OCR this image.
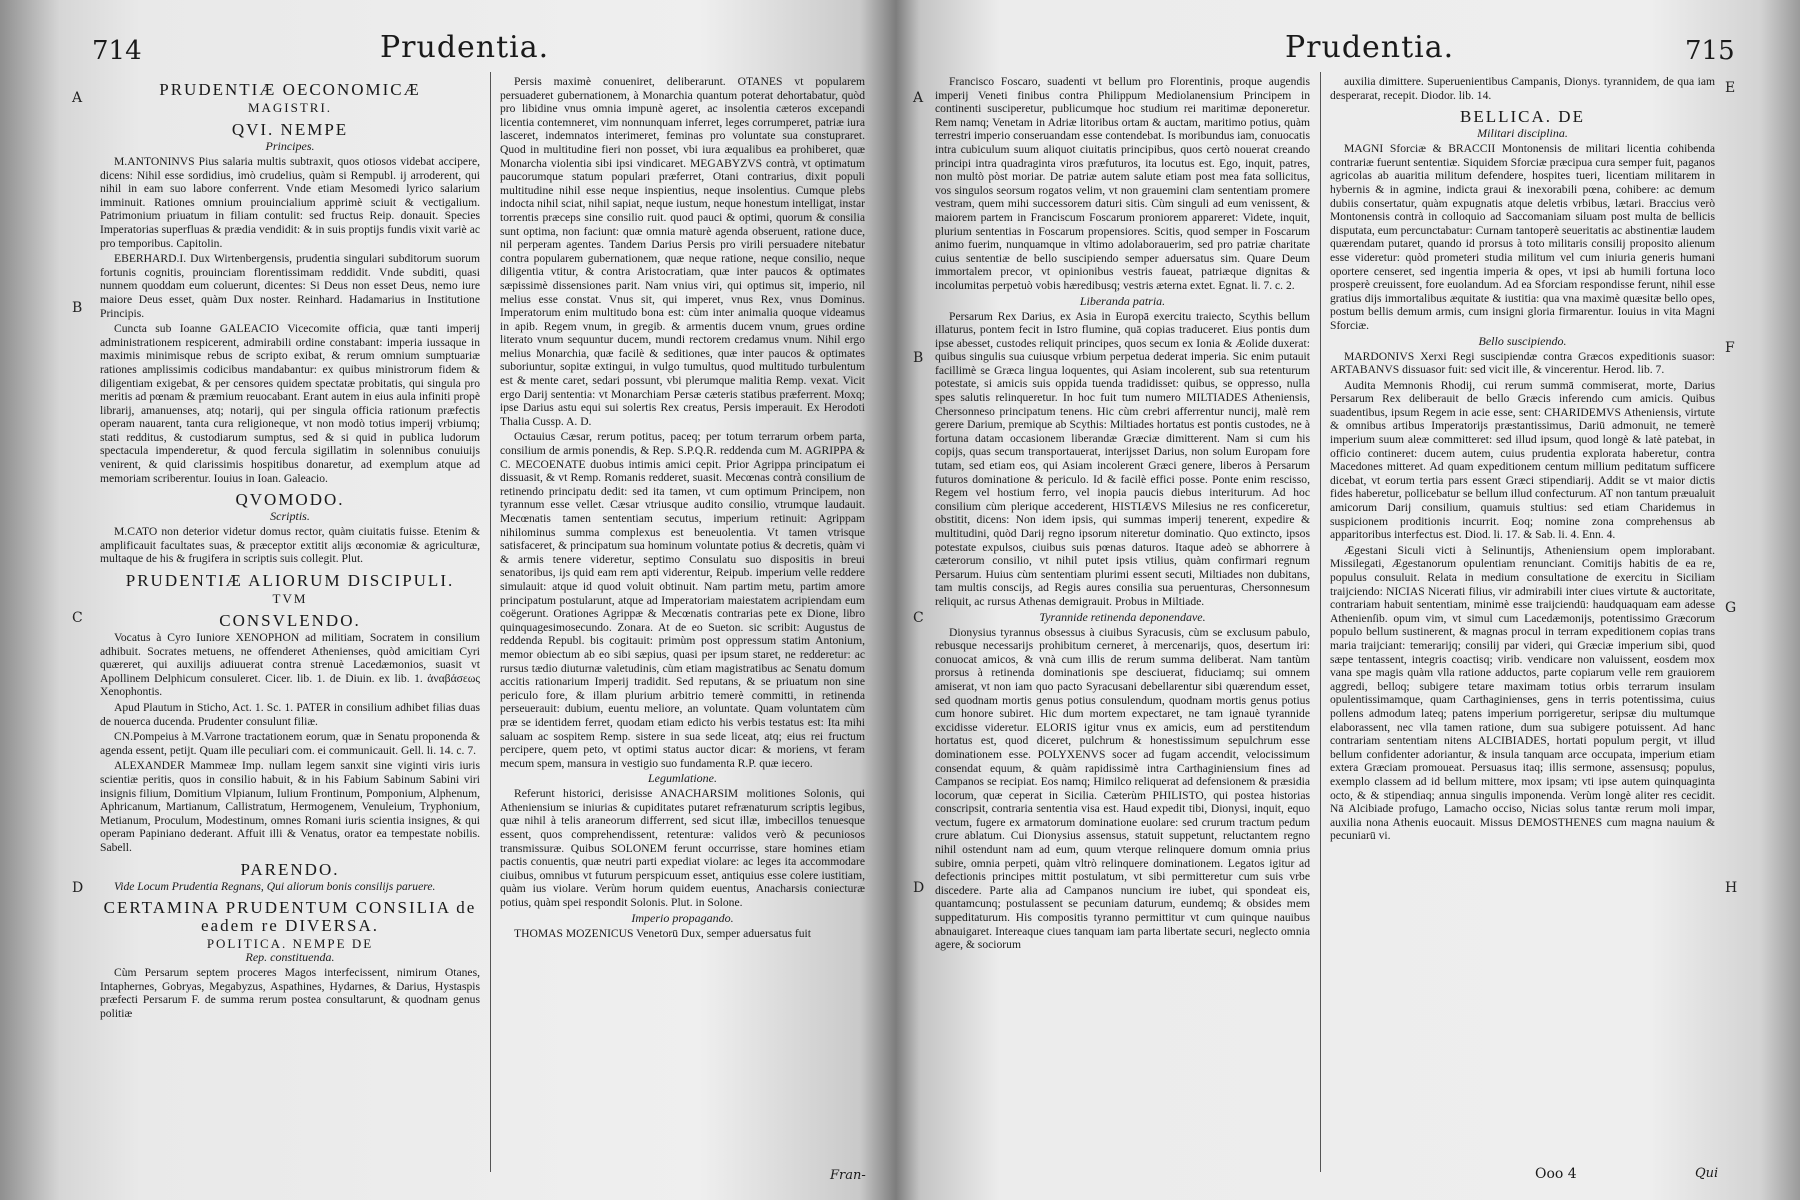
714	Prudentia.
A
B
C
D
PRUDENTIÆ OECONOMICÆ
MAGISTRI.
QVI. NEMPE
Principes.

M.ANTONINVS Pius salaria multis subtraxit, quos otiosos videbat accipere, dicens: Nihil esse sordidius, imò crudelius, quàm si Rempubl. ij arroderent, qui nihil in eam suo labore conferrent. Vnde etiam Mesomedi lyrico salarium imminuit. Rationes omnium prouincialium apprimè sciuit & vectigalium. Patrimonium priuatum in filiam contulit: sed fructus Reip. donauit. Species Imperatorias superfluas & prædia vendidit: & in suis proptijs fundis vixit variè ac pro temporibus. Capitolin.

EBERHARD.I. Dux Wirtenbergensis, prudentia singulari subditorum suorum fortunis cognitis, prouinciam florentissimam reddidit. Vnde subditi, quasi nunnem quoddam eum coluerunt, dicentes: Si Deus non esset Deus, nemo iure maiore Deus esset, quàm Dux noster. Reinhard. Hadamarius in Institutione Principis.

Cuncta sub Ioanne GALEACIO Vicecomite officia, quæ tanti imperij administrationem respicerent, admirabili ordine constabant: imperia iussaque in maximis minimisque rebus de scripto exibat, & rerum omnium sumptuariæ rationes amplissimis codicibus mandabantur: ex quibus ministrorum fidem & diligentiam exigebat, & per censores quidem spectatæ probitatis, qui singula pro meritis ad pœnam & præmium reuocabant. Erant autem in eius aula infiniti propè librarij, amanuenses, atq; notarij, qui per singula officia rationum præfectis operam nauarent, tanta cura religioneque, vt non modò totius imperij vrbiumq; stati redditus, & custodiarum sumptus, sed & si quid in publica ludorum spectacula impenderetur, & quod fercula sigillatim in solennibus conuiuijs venirent, & quid clarissimis hospitibus donaretur, ad exemplum atque ad memoriam scriberentur. Iouius in Ioan. Galeacio.

QVOMODO.
Scriptis.

M.CATO non deterior videtur domus rector, quàm ciuitatis fuisse. Etenim & amplificauit facultates suas, & præceptor extitit alijs œconomiæ & agriculturæ, multaque de his & frugifera in scriptis suis collegit. Plut.

PRUDENTIÆ ALIORUM DISCIPULI.
TVM
CONSVLENDO.

Vocatus à Cyro Iuniore XENOPHON ad militiam, Socratem in consilium adhibuit. Socrates metuens, ne offenderet Athenienses, quòd amicitiam Cyri quæreret, qui auxilijs adiuuerat contra strenuè Lacedæmonios, suasit vt Apollinem Delphicum consuleret. Cicer. lib. 1. de Diuin. ex lib. 1. ἀναβάσεως Xenophontis.

Apud Plautum in Sticho, Act. 1. Sc. 1. PATER in consilium adhibet filias duas de nouerca ducenda. Prudenter consulunt filiæ.

CN.Pompeius à M.Varrone tractationem eorum, quæ in Senatu proponenda & agenda essent, petijt. Quam ille peculiari com. ei communicauit. Gell. li. 14. c. 7.

ALEXANDER Mammeæ Imp. nullam legem sanxit sine viginti viris iuris scientiæ peritis, quos in consilio habuit, & in his Fabium Sabinum Sabini viri insignis filium, Domitium Vlpianum, Iulium Frontinum, Pomponium, Alphenum, Aphricanum, Martianum, Callistratum, Hermogenem, Venuleium, Tryphonium, Metianum, Proculum, Modestinum, omnes Romani iuris scientia insignes, & qui operam Papiniano dederant. Affuit illi & Venatus, orator ea tempestate nobilis. Sabell.

PARENDO.

Vide Locum Prudentia Regnans, Qui aliorum bonis consilijs paruere.

CERTAMINA PRUDENTUM CONSILIA de eadem re DIVERSA.
POLITICA. NEMPE DE
Rep. constituenda.

Cùm Persarum septem proceres Magos interfecissent, nimirum Otanes, Intaphernes, Gobryas, Megabyzus, Aspathines, Hydarnes, & Darius, Hystaspis præfecti Persarum F. de summa rerum postea consultarunt, & quodnam genus politiæ

Persis maximè conueniret, deliberarunt. OTANES vt popularem persuaderet gubernationem, à Monarchia quantum poterat dehortabatur, quòd pro libidine vnus omnia impunè ageret, ac insolentia cæteros excepandi licentia contemneret, vim nonnunquam inferret, leges corrumperet, patriæ iura lasceret, indemnatos interimeret, feminas pro voluntate sua constupraret. Quod in multitudine fieri non posset, vbi iura æqualibus ea prohiberet, quæ Monarcha violentia sibi ipsi vindicaret. MEGABYZVS contrà, vt optimatum paucorumque statum populari præferret, Otani contrarius, dixit populi multitudine nihil esse neque inspientius, neque insolentius. Cumque plebs indocta nihil sciat, nihil sapiat, neque iustum, neque honestum intelligat, instar torrentis præceps sine consilio ruit. quod pauci & optimi, quorum & consilia sunt optima, non faciunt: quæ omnia maturè agenda obseruent, ratione duce, nil perperam agentes. Tandem Darius Persis pro virili persuadere nitebatur contra popularem gubernationem, quæ neque ratione, neque consilio, neque diligentia vtitur, & contra Aristocratiam, quæ inter paucos & optimates sæpissimè dissensiones parit. Nam vnius viri, qui optimus sit, imperio, nil melius esse constat. Vnus sit, qui imperet, vnus Rex, vnus Dominus. Imperatorum enim multitudo bona est: cùm inter animalia quoque videamus in apib. Regem vnum, in gregib. & armentis ducem vnum, grues ordine literato vnum sequuntur ducem, mundi rectorem credamus vnum. Nihil ergo melius Monarchia, quæ facilè & seditiones, quæ inter paucos & optimates suboriuntur, sopitæ extingui, in vulgo tumultus, quod multitudo turbulentum est & mente caret, sedari possunt, vbi plerumque malitia Remp. vexat. Vicit ergo Darij sententia: vt Monarchiam Persæ cæteris statibus præferrent. Moxq; ipse Darius astu equi sui solertis Rex creatus, Persis imperauit. Ex Herodoti Thalia Cussp. A. D.

Octauius Cæsar, rerum potitus, paceq; per totum terrarum orbem parta, consilium de armis ponendis, & Rep. S.P.Q.R. reddenda cum M. AGRIPPA & C. MECOENATE duobus intimis amici cepit. Prior Agrippa principatum ei dissuasit, & vt Remp. Romanis redderet, suasit. Mecœnas contrà consilium de retinendo principatu dedit: sed ita tamen, vt cum optimum Principem, non tyrannum esse vellet. Cæsar vtriusque audito consilio, vtrumque laudauit. Mecœnatis tamen sententiam secutus, imperium retinuit: Agrippam nihilominus summa complexus est beneuolentia. Vt tamen vtrisque satisfaceret, & principatum sua hominum voluntate potius & decretis, quàm vi & armis tenere videretur, septimo Consulatu suo dispositis in breui senatoribus, ijs quid eam rem apti viderentur, Reipub. imperium velle reddere simulauit: atque id quod voluit obtinuit. Nam partim metu, partim amore principatum postularunt, atque ad Imperatoriam maiestatem acripiendam eum coëgerunt. Orationes Agrippæ & Mecœnatis contrarias pete ex Dione, libro quinquagesimosecundo. Zonara. At de eo Sueton. sic scribit: Augustus de reddenda Republ. bis cogitauit: primùm post oppressum statim Antonium, memor obiectum ab eo sibi sæpius, quasi per ipsum staret, ne redderetur: ac rursus tædio diuturnæ valetudinis, cùm etiam magistratibus ac Senatu domum accitis rationarium Imperij tradidit. Sed reputans, & se priuatum non sine periculo fore, & illam plurium arbitrio temerè committi, in retinenda perseuerauit: dubium, euentu meliore, an voluntate. Quam voluntatem cùm præ se identidem ferret, quodam etiam edicto his verbis testatus est: Ita mihi saluam ac sospitem Remp. sistere in sua sede liceat, atq; eius rei fructum percipere, quem peto, vt optimi status auctor dicar: & moriens, vt feram mecum spem, mansura in vestigio suo fundamenta R.P. quæ iecero.

Legumlatione.

Referunt historici, derisisse ANACHARSIM molitiones Solonis, qui Atheniensium se iniurias & cupiditates putaret refrænaturum scriptis legibus, quæ nihil à telis araneorum differrent, sed sicut illæ, imbecillos tenuesque essent, quos comprehendissent, retenturæ: validos verò & pecuniosos transmissuræ. Quibus SOLONEM ferunt occurrisse, stare homines etiam pactis conuentis, quæ neutri parti expediat violare: ac leges ita accommodare ciuibus, omnibus vt futurum perspicuum esset, antiquius esse colere iustitiam, quàm ius violare. Verùm horum quidem euentus, Anacharsis coniecturæ potius, quàm spei respondit Solonis. Plut. in Solone.

Imperio propagando.

THOMAS MOZENICUS Venetorū Dux, semper aduersatus fuit

Fran-
Prudentia.	715
A
B
C
D
E
F
G
H

Francisco Foscaro, suadenti vt bellum pro Florentinis, proque augendis imperij Veneti finibus contra Philippum Mediolanensium Principem in continenti susciperetur, publicumque hoc studium rei maritimæ deponeretur. Rem namq; Venetam in Adriæ litoribus ortam & auctam, maritimo potius, quàm terrestri imperio conseruandam esse contendebat. Is moribundus iam, conuocatis intra cubiculum suum aliquot ciuitatis principibus, quos certò nouerat creando principi intra quadraginta viros præfuturos, ita locutus est. Ego, inquit, patres, non multò pòst moriar. De patriæ autem salute etiam post mea fata sollicitus, vos singulos seorsum rogatos velim, vt non grauemini clam sententiam promere vestram, quem mihi successorem daturi sitis. Cùm singuli ad eum venissent, & maiorem partem in Franciscum Foscarum proniorem appareret: Videte, inquit, plurium sententias in Foscarum propensiores. Scitis, quod semper in Foscarum animo fuerim, nunquamque in vltimo adolaborauerim, sed pro patriæ charitate cuius sententiæ de bello suscipiendo semper aduersatus sim. Quare Deum immortalem precor, vt opinionibus vestris faueat, patriæque dignitas & incolumitas perpetuò vobis hæredibusq; vestris æterna extet. Egnat. li. 7. c. 2.

Liberanda patria.

Persarum Rex Darius, ex Asia in Europā exercitu traiecto, Scythis bellum illaturus, pontem fecit in Istro flumine, quā copias traduceret. Eius pontis dum ipse abesset, custodes reliquit principes, quos secum ex Ionia & Æolide duxerat: quibus singulis sua cuiusque vrbium perpetua dederat imperia. Sic enim putauit facillimè se Græca lingua loquentes, qui Asiam incolerent, sub sua retenturum potestate, si amicis suis oppida tuenda tradidisset: quibus, se oppresso, nulla spes salutis relinqueretur. In hoc fuit tum numero MILTIADES Atheniensis, Chersonneso principatum tenens. Hic cùm crebri afferrentur nuncij, malè rem gerere Darium, premique ab Scythis: Miltiades hortatus est pontis custodes, ne à fortuna datam occasionem liberandæ Græciæ dimitterent. Nam si cum his copijs, quas secum transportauerat, interijsset Darius, non solum Europam fore tutam, sed etiam eos, qui Asiam incolerent Græci genere, liberos à Persarum futuros dominatione & periculo. Id & facilè effici posse. Ponte enim rescisso, Regem vel hostium ferro, vel inopia paucis diebus interiturum. Ad hoc consilium cùm plerique accederent, HISTIÆVS Milesius ne res conficeretur, obstitit, dicens: Non idem ipsis, qui summas imperij tenerent, expedire & multitudini, quòd Darij regno ipsorum niteretur dominatio. Quo extincto, ipsos potestate expulsos, ciuibus suis pœnas daturos. Itaque adeò se abhorrere à cæterorum consilio, vt nihil putet ipsis vtilius, quàm confirmari regnum Persarum. Huius cùm sententiam plurimi essent secuti, Miltiades non dubitans, tam multis conscijs, ad Regis aures consilia sua peruenturas, Chersonnesum reliquit, ac rursus Athenas demigrauit. Probus in Miltiade.

Tyrannide retinenda deponendave.

Dionysius tyrannus obsessus à ciuibus Syracusis, cùm se exclusum pabulo, rebusque necessarijs prohibitum cerneret, à mercenarijs, quos, desertum iri: conuocat amicos, & vnà cum illis de rerum summa deliberat. Nam tantùm prorsus à retinenda dominationis spe desciuerat, fiduciamq; sui omnem amiserat, vt non iam quo pacto Syracusani debellarentur sibi quærendum esset, sed quodnam mortis genus potius consulendum, quodnam mortis genus potius cum honore subiret. Hic dum mortem expectaret, ne tam ignauè tyrannide excidisse videretur. ELORIS igitur vnus ex amicis, eum ad perstitendum hortatus est, quod diceret, pulchrum & honestissimum sepulchrum esse dominationem esse. POLYXENVS socer ad fugam accendit, velocissimum consendat equum, & quàm rapidissimè intra Carthaginiensium fines ad Campanos se recipiat. Eos namq; Himilco reliquerat ad defensionem & præsidia locorum, quæ ceperat in Sicilia. Cæterùm PHILISTO, qui postea historias conscripsit, contraria sententia visa est. Haud expedit tibi, Dionysi, inquit, equo vectum, fugere ex armatorum dominatione euolare: sed crurum tractum pedum crure ablatum. Cui Dionysius assensus, statuit suppetunt, reluctantem regno nihil ostendunt nam ad eum, quum vterque relinquere domum omnia prius subire, omnia perpeti, quàm vltrò relinquere dominationem. Legatos igitur ad defectionis principes mittit postulatum, vt sibi permitteretur cum suis vrbe discedere. Parte alia ad Campanos nuncium ire iubet, qui spondeat eis, quantamcunq; postulassent se pecuniam daturum, eundemq; & obsides mem suppeditaturum. His compositis tyranno permittitur vt cum quinque nauibus abnauigaret. Intereaque ciues tanquam iam parta libertate securi, neglecto omnia agere, & sociorum

auxilia dimittere. Superuenientibus Campanis, Dionys. tyrannidem, de qua iam desperarat, recepit. Diodor. lib. 14.

BELLICA. DE
Militari disciplina.

MAGNI Sforciæ & BRACCII Montonensis de militari licentia cohibenda contrariæ fuerunt sententiæ. Siquidem Sforciæ præcipua cura semper fuit, paganos agricolas ab auaritia militum defendere, hospites tueri, licentiam militarem in hybernis & in agmine, indicta graui & inexorabili pœna, cohibere: ac demum dubiis consertatur, quàm expugnatis atque deletis vrbibus, lætari. Braccius verò Montonensis contrà in colloquio ad Saccomaniam siluam post multa de bellicis disputata, eum percunctabatur: Curnam tantoperè seueritatis ac abstinentiæ laudem quærendam putaret, quando id prorsus à toto militaris consilij proposito alienum esse videretur: quòd prometeri studia militum vel cum iniuria generis humani oportere censeret, sed ingentia imperia & opes, vt ipsi ab humili fortuna loco prosperè creuissent, fore euolandum. Ad ea Sforciam respondisse ferunt, nihil esse gratius dijs immortalibus æquitate & iustitia: qua vna maximè quæsitæ bello opes, postum bellis demum armis, cum insigni gloria firmarentur. Iouius in vita Magni Sforciæ.

Bello suscipiendo.

MARDONIVS Xerxi Regi suscipiendæ contra Græcos expeditionis suasor: ARTABANVS dissuasor fuit: sed vicit ille, & vincerentur. Herod. lib. 7.

Audita Memnonis Rhodij, cui rerum summā commiserat, morte, Darius Persarum Rex deliberauit de bello Græcis inferendo cum amicis. Quibus suadentibus, ipsum Regem in acie esse, sent: CHARIDEMVS Atheniensis, virtute & omnibus artibus Imperatorijs præstantissimus, Dariū admonuit, ne temerè imperium suum aleæ committeret: sed illud ipsum, quod longè & latè patebat, in officio contineret: ducem autem, cuius prudentia explorata haberetur, contra Macedones mitteret. Ad quam expeditionem centum millium peditatum sufficere dicebat, vt eorum tertia pars essent Græci stipendiarij. Addit se vt maior dictis fides haberetur, pollicebatur se bellum illud confecturum. AT non tantum præualuit amicorum Darij consilium, quamuis stultius: sed etiam Charidemus in suspicionem proditionis incurrit. Eoq; nomine zona comprehensus ab apparitoribus interfectus est. Diod. li. 17. & Sab. li. 4. Enn. 4.

Ægestani Siculi victi à Selinuntijs, Atheniensium opem implorabant. Missilegati, Ægestanorum opulentiam renunciant. Comitijs habitis de ea re, populus consuluit. Relata in medium consultatione de exercitu in Siciliam traijciendo: NICIAS Nicerati filius, vir admirabili inter ciues virtute & auctoritate, contrariam habuit sententiam, minimè esse traijciendū: haudquaquam eam adesse Athenienſib. opum vim, vt simul cum Lacedæmonijs, potentissimo Græcorum populo bellum sustinerent, & magnas procul in terram expeditionem copias trans maria traijciant: temerarijq; consilij par videri, qui Græciæ imperium sibi, quod sæpe tentassent, integris coactisq; virib. vendicare non valuissent, eosdem mox vana spe magis quàm vlla ratione adductos, parte copiarum velle rem grauiorem aggredi, belloq; subigere tetare maximam totius orbis terrarum insulam opulentissimamque, quam Carthaginienses, gens in terris potentissima, cuius pollens admodum lateq; patens imperium porrigeretur, seripsæ diu multumque elaborassent, nec vlla tamen ratione, dum sua subigere potuissent. Ad hanc contrariam sententiam nitens ALCIBIADES, hortati populum pergit, vt illud bellum confidenter adoriantur, & insula tanquam arce occupata, imperium etiam extera Græciam promoueat. Persuasus itaq; illis sermone, assensusq; populus, exemplo classem ad id bellum mittere, mox ipsam; vti ipse autem quinquaginta octo, & & stipendiaq; annua singulis imponenda. Verùm longè aliter res cecidit. Nā Alcibiade profugo, Lamacho occiso, Nicias solus tantæ rerum moli impar, auxilia nona Athenis euocauit. Missus DEMOSTHENES cum magna nauium & pecuniarū vi.

Ooo 4	Qui
